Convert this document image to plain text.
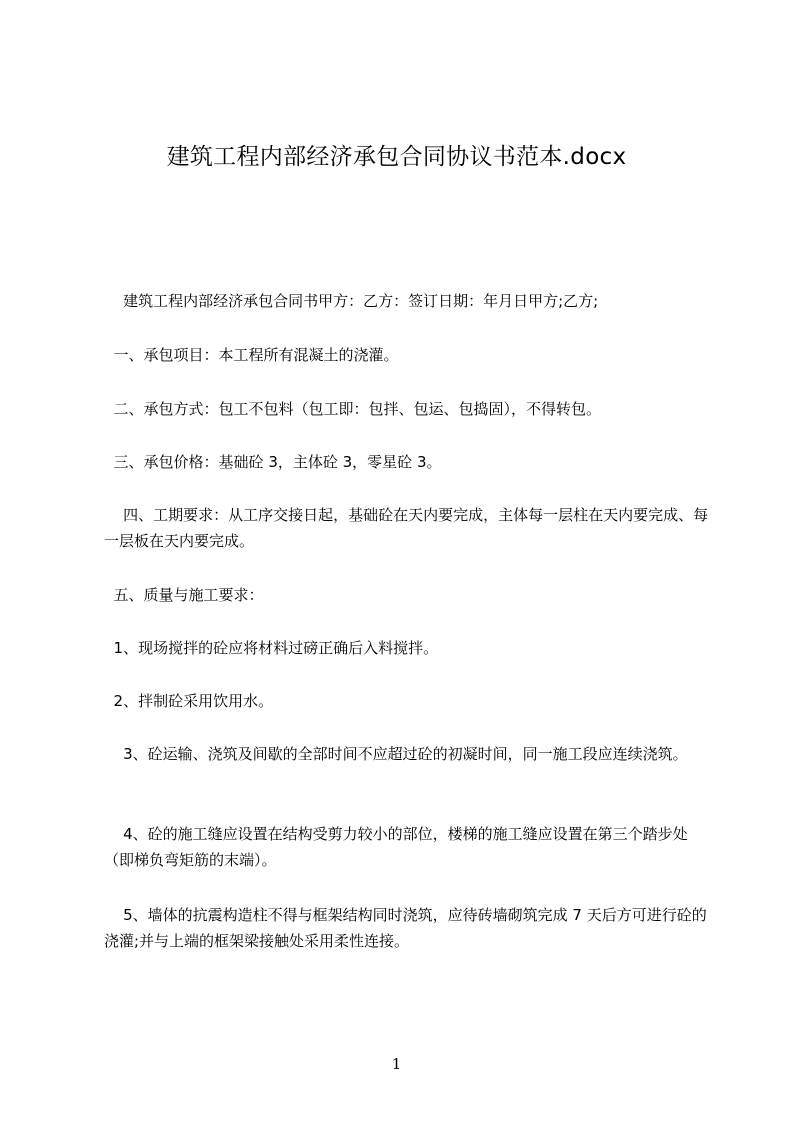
建筑工程内部经济承包合同协议书范本.docx
建筑工程内部经济承包合同书甲方：乙方：签订日期：年月日甲方;乙方;
一、承包项目：本工程所有混凝土的浇灌。
二、承包方式：包工不包料（包工即：包拌、包运、包捣固），不得转包。
三、承包价格：基础砼 3，主体砼 3，零星砼 3。
四、工期要求：从工序交接日起，基础砼在天内要完成，主体每一层柱在天内要完成、每一层板在天内要完成。
五、质量与施工要求：
1、现场搅拌的砼应将材料过磅正确后入料搅拌。
2、拌制砼采用饮用水。
3、砼运输、浇筑及间歇的全部时间不应超过砼的初凝时间，同一施工段应连续浇筑。
4、砼的施工缝应设置在结构受剪力较小的部位，楼梯的施工缝应设置在第三个踏步处（即梯负弯矩筋的末端）。
5、墙体的抗震构造柱不得与框架结构同时浇筑，应待砖墙砌筑完成 7 天后方可进行砼的浇灌;并与上端的框架梁接触处采用柔性连接。
1
